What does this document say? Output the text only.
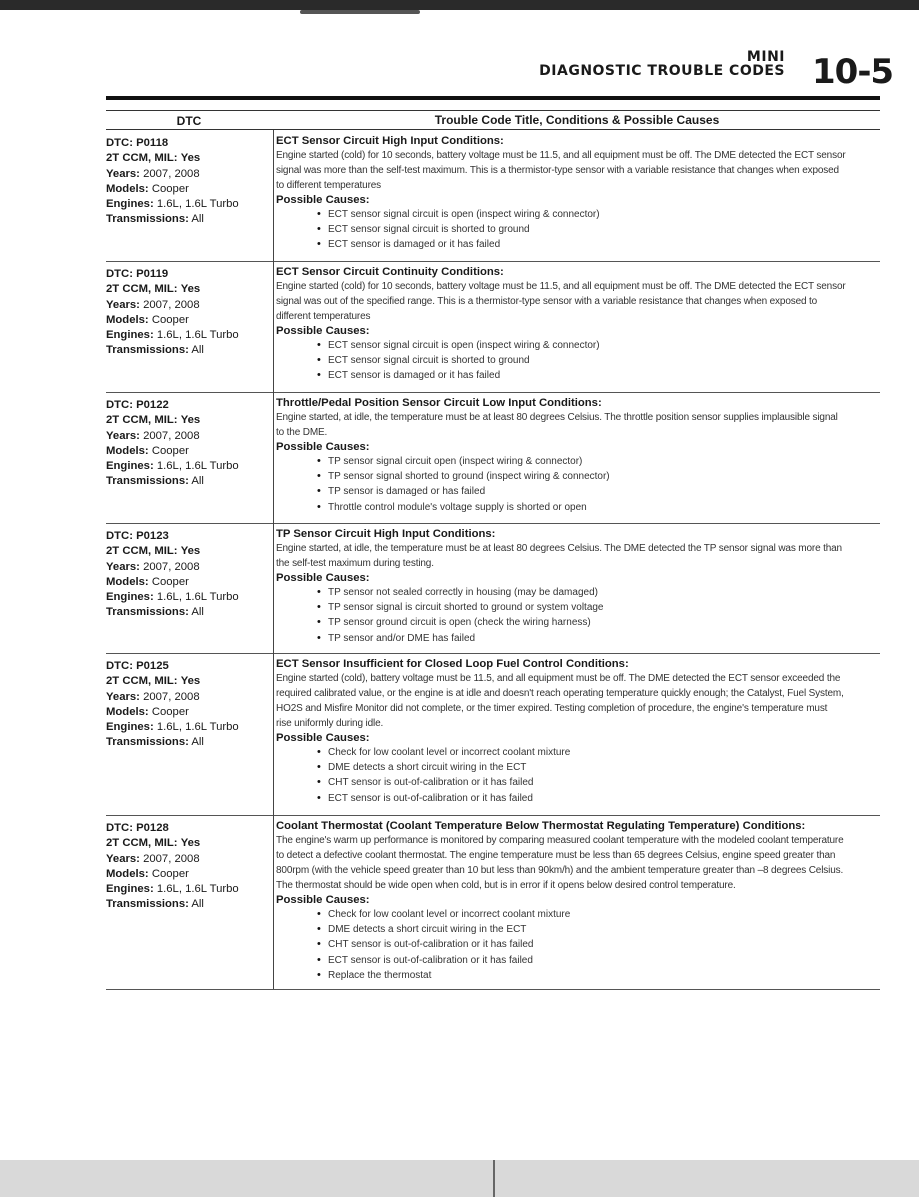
MINI
DIAGNOSTIC TROUBLE CODES 10-5
DTC	Trouble Code Title, Conditions & Possible Causes
DTC: P0118
2T CCM, MIL: Yes
Years: 2007, 2008
Models: Cooper
Engines: 1.6L, 1.6L Turbo
Transmissions: All
ECT Sensor Circuit High Input Conditions:
Engine started (cold) for 10 seconds, battery voltage must be 11.5, and all equipment must be off. The DME detected the ECT sensor
signal was more than the self-test maximum. This is a thermistor-type sensor with a variable resistance that changes when exposed
to different temperatures
Possible Causes:
• ECT sensor signal circuit is open (inspect wiring & connector)
• ECT sensor signal circuit is shorted to ground
• ECT sensor is damaged or it has failed
DTC: P0119
2T CCM, MIL: Yes
Years: 2007, 2008
Models: Cooper
Engines: 1.6L, 1.6L Turbo
Transmissions: All
ECT Sensor Circuit Continuity Conditions:
Engine started (cold) for 10 seconds, battery voltage must be 11.5, and all equipment must be off. The DME detected the ECT sensor
signal was out of the specified range. This is a thermistor-type sensor with a variable resistance that changes when exposed to
different temperatures
Possible Causes:
• ECT sensor signal circuit is open (inspect wiring & connector)
• ECT sensor signal circuit is shorted to ground
• ECT sensor is damaged or it has failed
DTC: P0122
2T CCM, MIL: Yes
Years: 2007, 2008
Models: Cooper
Engines: 1.6L, 1.6L Turbo
Transmissions: All
Throttle/Pedal Position Sensor Circuit Low Input Conditions:
Engine started, at idle, the temperature must be at least 80 degrees Celsius. The throttle position sensor supplies implausible signal
to the DME.
Possible Causes:
• TP sensor signal circuit open (inspect wiring & connector)
• TP sensor signal shorted to ground (inspect wiring & connector)
• TP sensor is damaged or has failed
• Throttle control module's voltage supply is shorted or open
DTC: P0123
2T CCM, MIL: Yes
Years: 2007, 2008
Models: Cooper
Engines: 1.6L, 1.6L Turbo
Transmissions: All
TP Sensor Circuit High Input Conditions:
Engine started, at idle, the temperature must be at least 80 degrees Celsius. The DME detected the TP sensor signal was more than
the self-test maximum during testing.
Possible Causes:
• TP sensor not sealed correctly in housing (may be damaged)
• TP sensor signal is circuit shorted to ground or system voltage
• TP sensor ground circuit is open (check the wiring harness)
• TP sensor and/or DME has failed
DTC: P0125
2T CCM, MIL: Yes
Years: 2007, 2008
Models: Cooper
Engines: 1.6L, 1.6L Turbo
Transmissions: All
ECT Sensor Insufficient for Closed Loop Fuel Control Conditions:
Engine started (cold), battery voltage must be 11.5, and all equipment must be off. The DME detected the ECT sensor exceeded the
required calibrated value, or the engine is at idle and doesn't reach operating temperature quickly enough; the Catalyst, Fuel System,
HO2S and Misfire Monitor did not complete, or the timer expired. Testing completion of procedure, the engine's temperature must
rise uniformly during idle.
Possible Causes:
• Check for low coolant level or incorrect coolant mixture
• DME detects a short circuit wiring in the ECT
• CHT sensor is out-of-calibration or it has failed
• ECT sensor is out-of-calibration or it has failed
DTC: P0128
2T CCM, MIL: Yes
Years: 2007, 2008
Models: Cooper
Engines: 1.6L, 1.6L Turbo
Transmissions: All
Coolant Thermostat (Coolant Temperature Below Thermostat Regulating Temperature) Conditions:
The engine's warm up performance is monitored by comparing measured coolant temperature with the modeled coolant temperature
to detect a defective coolant thermostat. The engine temperature must be less than 65 degrees Celsius, engine speed greater than
800rpm (with the vehicle speed greater than 10 but less than 90km/h) and the ambient temperature greater than –8 degrees Celsius.
The thermostat should be wide open when cold, but is in error if it opens below desired control temperature.
Possible Causes:
• Check for low coolant level or incorrect coolant mixture
• DME detects a short circuit wiring in the ECT
• CHT sensor is out-of-calibration or it has failed
• ECT sensor is out-of-calibration or it has failed
• Replace the thermostat
